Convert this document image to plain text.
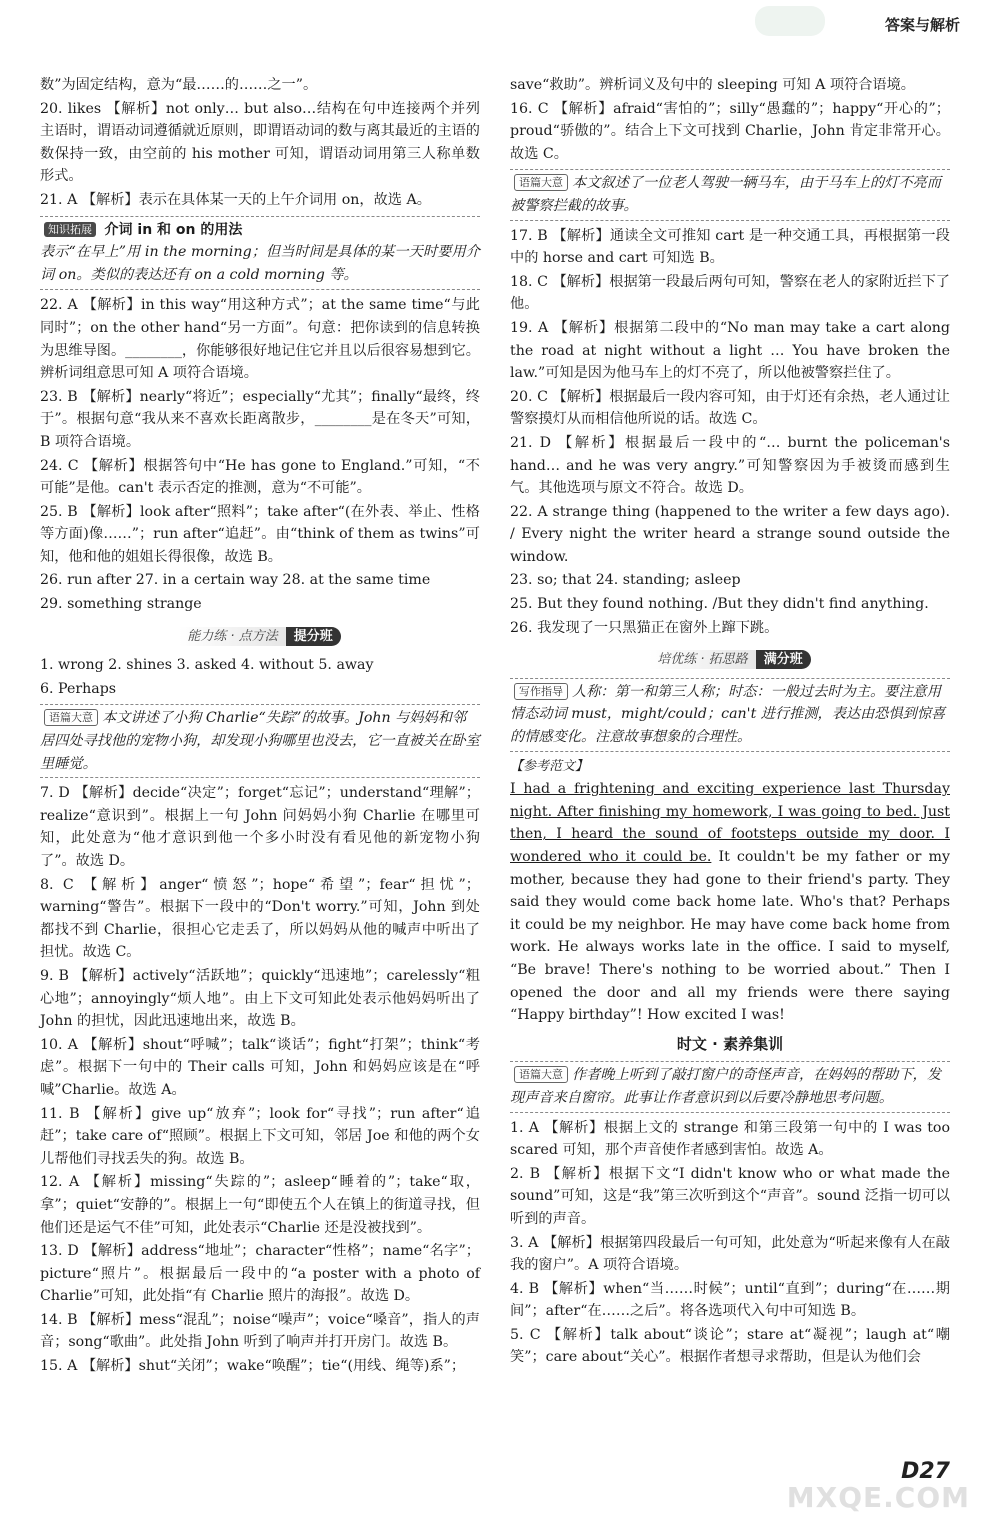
答案与解析

数”为固定结构，意为“最……的……之一”。

20. likes 【解析】not only… but also…结构在句中连接两个并列主语时，谓语动词遵循就近原则，即谓语动词的数与离其最近的主语的数保持一致，由空前的 his mother 可知，谓语动词用第三人称单数形式。

21. A 【解析】表示在具体某一天的上午介词用 on，故选 A。

知识拓展 介词 in 和 on 的用法

表示“在早上”用 in the morning；但当时间是具体的某一天时要用介词 on。类似的表达还有 on a cold morning 等。

22. A 【解析】in this way“用这种方式”；at the same time“与此同时”；on the other hand“另一方面”。句意：把你读到的信息转换为思维导图。________，你能够很好地记住它并且以后很容易想到它。辨析词组意思可知 A 项符合语境。

23. B 【解析】nearly“将近”；especially“尤其”；finally“最终，终于”。根据句意“我从来不喜欢长距离散步，________是在冬天”可知，B 项符合语境。

24. C 【解析】根据答句中“He has gone to England.”可知，“不可能”是他。can't 表示否定的推测，意为“不可能”。

25. B 【解析】look after“照料”；take after“(在外表、举止、性格等方面)像……”；run after“追赶”。由“think of them as twins”可知，他和他的姐姐长得很像，故选 B。

26. run after 27. in a certain way 28. at the same time

29. something strange

能力练 · 点方法 提分班

1. wrong 2. shines 3. asked 4. without 5. away

6. Perhaps

语篇大意 本文讲述了小狗 Charlie“失踪”的故事。John 与妈妈和邻居四处寻找他的宠物小狗，却发现小狗哪里也没去，它一直被关在卧室里睡觉。

7. D 【解析】decide“决定”；forget“忘记”；understand“理解”；realize“意识到”。根据上一句 John 问妈妈小狗 Charlie 在哪里可知，此处意为“他才意识到他一个多小时没有看见他的新宠物小狗了”。故选 D。

8. C 【解析】anger“愤怒”；hope“希望”；fear“担忧”；warning“警告”。根据下一段中的“Don't worry.”可知，John 到处都找不到 Charlie，很担心它走丢了，所以妈妈从他的喊声中听出了担忧。故选 C。

9. B 【解析】actively“活跃地”；quickly“迅速地”；carelessly“粗心地”；annoyingly“烦人地”。由上下文可知此处表示他妈妈听出了 John 的担忧，因此迅速地出来，故选 B。

10. A 【解析】shout“呼喊”；talk“谈话”；fight“打架”；think“考虑”。根据下一句中的 Their calls 可知，John 和妈妈应该是在“呼喊”Charlie。故选 A。

11. B 【解析】give up“放弃”；look for“寻找”；run after“追赶”；take care of“照顾”。根据上下文可知，邻居 Joe 和他的两个女儿帮他们寻找丢失的狗。故选 B。

12. A 【解析】missing“失踪的”；asleep“睡着的”；take“取，拿”；quiet“安静的”。根据上一句“即使五个人在镇上的街道寻找，但他们还是运气不佳”可知，此处表示“Charlie 还是没被找到”。

13. D 【解析】address“地址”；character“性格”；name“名字”；picture“照片”。根据最后一段中的“a poster with a photo of Charlie”可知，此处指“有 Charlie 照片的海报”。故选 D。

14. B 【解析】mess“混乱”；noise“噪声”；voice“嗓音”，指人的声音；song“歌曲”。此处指 John 听到了响声并打开房门。故选 B。

15. A 【解析】shut“关闭”；wake“唤醒”；tie“(用线、绳等)系”；

save“救助”。辨析词义及句中的 sleeping 可知 A 项符合语境。

16. C 【解析】afraid“害怕的”；silly“愚蠢的”；happy“开心的”；proud“骄傲的”。结合上下文可找到 Charlie，John 肯定非常开心。故选 C。

语篇大意 本文叙述了一位老人驾驶一辆马车，由于马车上的灯不亮而被警察拦截的故事。

17. B 【解析】通读全文可推知 cart 是一种交通工具，再根据第一段中的 horse and cart 可知选 B。

18. C 【解析】根据第一段最后两句可知，警察在老人的家附近拦下了他。

19. A 【解析】根据第二段中的“No man may take a cart along the road at night without a light … You have broken the law.”可知是因为他马车上的灯不亮了，所以他被警察拦住了。

20. C 【解析】根据最后一段内容可知，由于灯还有余热，老人通过让警察摸灯从而相信他所说的话。故选 C。

21. D 【解析】根据最后一段中的“… burnt the policeman's hand… and he was very angry.”可知警察因为手被烫而感到生气。其他选项与原文不符合。故选 D。

22. A strange thing (happened to the writer a few days ago). / Every night the writer heard a strange sound outside the window.

23. so; that 24. standing; asleep

25. But they found nothing. /But they didn't find anything.

26. 我发现了一只黑猫正在窗外上蹿下跳。

培优练 · 拓思路 满分班
写作指导 人称：第一和第三人称；时态：一般过去时为主。要注意用情态动词 must，might/could；can't 进行推测，表达由恐惧到惊喜的情感变化。注意故事想象的合理性。
【参考范文】

I had a frightening and exciting experience last Thursday night. After finishing my homework, I was going to bed. Just then, I heard the sound of footsteps outside my door. I wondered who it could be. It couldn't be my father or my mother, because they had gone to their friend's party. They said they would come back home late. Who's that? Perhaps it could be my neighbor. He may have come back home from work. He always works late in the office. I said to myself, “Be brave! There's nothing to be worried about.” Then I opened the door and all my friends were there saying “Happy birthday”! How excited I was!

时文 · 素养集训
语篇大意 作者晚上听到了敲打窗户的奇怪声音，在妈妈的帮助下，发现声音来自窗帘。此事让作者意识到以后要冷静地思考问题。

1. A 【解析】根据上文的 strange 和第三段第一句中的 I was too scared 可知，那个声音使作者感到害怕。故选 A。

2. B 【解析】根据下文“I didn't know who or what made the sound”可知，这是“我”第三次听到这个“声音”。sound 泛指一切可以听到的声音。

3. A 【解析】根据第四段最后一句可知，此处意为“听起来像有人在敲我的窗户”。A 项符合语境。

4. B 【解析】when“当……时候”；until“直到”；during“在……期间”；after“在……之后”。将各选项代入句中可知选 B。

5. C 【解析】talk about“谈论”；stare at“凝视”；laugh at“嘲笑”；care about“关心”。根据作者想寻求帮助，但是认为他们会

D27
MXQE.COM
